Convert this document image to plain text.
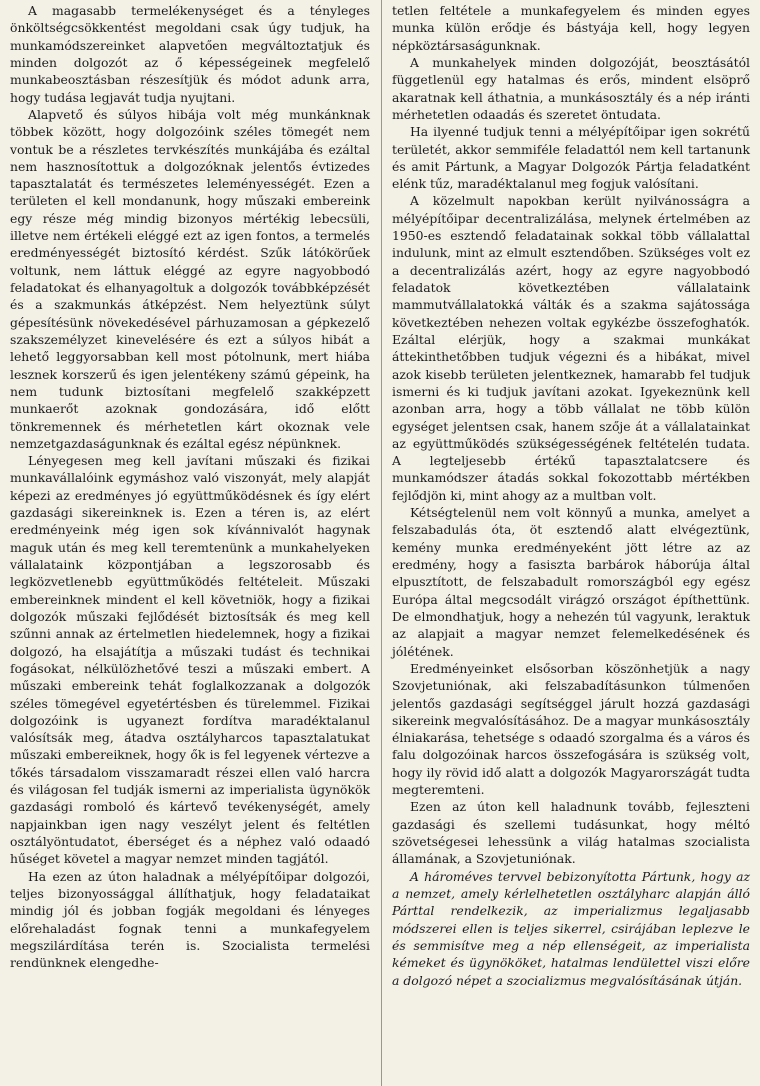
A magasabb termelékenységet és a tényleges önköltségcsökkentést megoldani csak úgy tudjuk, ha munkamódszereinket alapvetően megváltoztatjuk és minden dolgozót az ő képességeinek megfelelő munkabeosztásban részesítjük és módot adunk arra, hogy tudása legjavát tudja nyujtani.

Alapvető és súlyos hibája volt még munkánknak többek között, hogy dolgozóink széles tömegét nem vontuk be a részletes tervkészítés munkájába és ezáltal nem hasznosítottuk a dolgozóknak jelentős évtizedes tapasztalatát és természetes leleményességét. Ezen a területen el kell mondanunk, hogy műszaki embereink egy része még mindig bizonyos mértékig lebecsüli, illetve nem értékeli eléggé ezt az igen fontos, a termelés eredményességét biztosító kérdést. Szűk látókörűek voltunk, nem láttuk eléggé az egyre nagyobbodó feladatokat és elhanyagoltuk a dolgozók továbbképzését és a szakmunkás átképzést. Nem helyeztünk súlyt gépesítésünk növekedésével párhuzamosan a gépkezelő szakszemélyzet kinevelésére és ezt a súlyos hibát a lehető leggyorsabban kell most pótolnunk, mert hiába lesznek korszerű és igen jelentékeny számú gépeink, ha nem tudunk biztosítani megfelelő szakképzett munkaerőt azoknak gondozására, idő előtt tönkremennek és mérhetetlen kárt okoznak vele nemzetgazdaságunknak és ezáltal egész népünknek.

Lényegesen meg kell javítani műszaki és fizikai munkavállalóink egymáshoz való viszonyát, mely alapját képezi az eredményes jó együttműködésnek és így elért gazdasági sikereinknek is. Ezen a téren is, az elért eredményeink még igen sok kívánnivalót hagynak maguk után és meg kell teremtenünk a munkahelyeken vállalataink központjában a legszorosabb és legközvetlenebb együttműködés feltételeit. Műszaki embereinknek mindent el kell követniök, hogy a fizikai dolgozók műszaki fejlődését biztosítsák és meg kell szűnni annak az értelmetlen hiedelemnek, hogy a fizikai dolgozó, ha elsajátítja a műszaki tudást és technikai fogásokat, nélkülözhetővé teszi a műszaki embert. A műszaki embereink tehát foglalkozzanak a dolgozók széles tömegével egyetértésben és türelemmel. Fizikai dolgozóink is ugyanezt fordítva maradéktalanul valósítsák meg, átadva osztályharcos tapasztalatukat műszaki embereiknek, hogy ők is fel legyenek vértezve a tőkés társadalom visszamaradt részei ellen való harcra és világosan fel tudják ismerni az imperialista ügynökök gazdasági romboló és kártevő tevékenységét, amely napjainkban igen nagy veszélyt jelent és feltétlen osztályöntudatot, éberséget és a néphez való odaadó hűséget követel a magyar nemzet minden tagjától.

Ha ezen az úton haladnak a mélyépítőipar dolgozói, teljes bizonyossággal állíthatjuk, hogy feladataikat mindig jól és jobban fogják megoldani és lényeges előrehaladást fognak tenni a munkafegyelem megszilárdítása terén is. Szocialista termelési rendünknek elengedhe-

tetlen feltétele a munkafegyelem és minden egyes munka külön erődje és bástyája kell, hogy legyen népköztársaságunknak.

A munkahelyek minden dolgozóját, beosztásától függetlenül egy hatalmas és erős, mindent elsöprő akaratnak kell áthatnia, a munkásosztály és a nép iránti mérhetetlen odaadás és szeretet öntudata.

Ha ilyenné tudjuk tenni a mélyépítőipar igen sokrétű területét, akkor semmiféle feladattól nem kell tartanunk és amit Pártunk, a Magyar Dolgozók Pártja feladatként elénk tűz, maradéktalanul meg fogjuk valósítani.

A közelmult napokban került nyilvánosságra a mélyépítőipar decentralizálása, melynek értelmében az 1950-es esztendő feladatainak sokkal több vállalattal indulunk, mint az elmult esztendőben. Szükséges volt ez a decentralizálás azért, hogy az egyre nagyobbodó feladatok következtében vállalataink mammutvállalatokká válták és a szakma sajátossága következtében nehezen voltak egykézbe összefoghatók. Ezáltal elérjük, hogy a szakmai munkákat áttekinthetőbben tudjuk végezni és a hibákat, mivel azok kisebb területen jelentkeznek, hamarabb fel tudjuk ismerni és ki tudjuk javítani azokat. Igyekeznünk kell azonban arra, hogy a több vállalat ne több külön egységet jelentsen csak, hanem szője át a vállalatainkat az együttműködés szükségességének feltételén tudata. A legteljesebb értékű tapasztalatcsere és munkamódszer átadás sokkal fokozottabb mértékben fejlődjön ki, mint ahogy az a multban volt.

Kétségtelenül nem volt könnyű a munka, amelyet a felszabadulás óta, öt esztendő alatt elvégeztünk, kemény munka eredményeként jött létre az az eredmény, hogy a fasiszta barbárok háborúja által elpusztított, de felszabadult romországból egy egész Európa által megcsodált virágzó országot építhettünk. De elmondhatjuk, hogy a nehezén túl vagyunk, leraktuk az alapjait a magyar nemzet felemelkedésének és jólétének.

Eredményeinket elsősorban köszönhetjük a nagy Szovjetuniónak, aki felszabadításunkon túlmenően jelentős gazdasági segítséggel járult hozzá gazdasági sikereink megvalósításához. De a magyar munkásosztály élniakarása, tehetsége s odaadó szorgalma és a város és falu dolgozóinak harcos összefogására is szükség volt, hogy ily rövid idő alatt a dolgozók Magyarországát tudta megteremteni.

Ezen az úton kell haladnunk tovább, fejleszteni gazdasági és szellemi tudásunkat, hogy méltó szövetségesei lehessünk a világ hatalmas szocialista államának, a Szovjetuniónak.

A hároméves tervvel bebizonyította Pártunk, hogy az a nemzet, amely kérlelhetetlen osztályharc alapján álló Párttal rendelkezik, az imperializmus legaljasabb módszerei ellen is teljes sikerrel, csirájában leplezve le és semmisítve meg a nép ellenségeit, az imperialista kémeket és ügynököket, hatalmas lendülettel viszi előre a dolgozó népet a szocializmus megvalósításának útján.
